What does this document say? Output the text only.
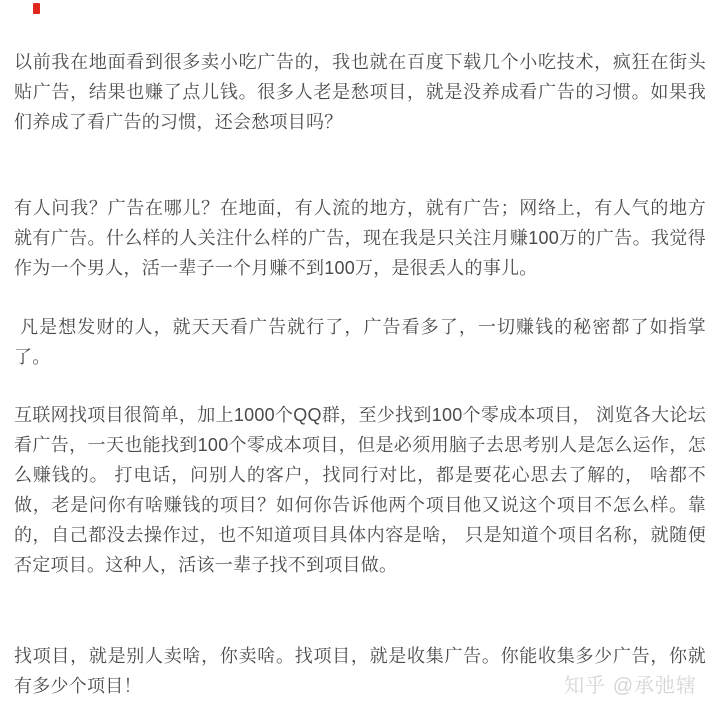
以前我在地面看到很多卖小吃广告的，我也就在百度下载几个小吃技术，疯狂在街头贴广告，结果也赚了点儿钱。很多人老是愁项目，就是没养成看广告的习惯。如果我们养成了看广告的习惯，还会愁项目吗？

有人问我？广告在哪儿？在地面，有人流的地方，就有广告；网络上，有人气的地方就有广告。什么样的人关注什么样的广告，现在我是只关注月赚100万的广告。我觉得作为一个男人，活一辈子一个月赚不到100万，是很丢人的事儿。

凡是想发财的人，就天天看广告就行了，广告看多了，一切赚钱的秘密都了如指掌了。

互联网找项目很简单，加上1000个QQ群，至少找到100个零成本项目， 浏览各大论坛看广告，一天也能找到100个零成本项目，但是必须用脑子去思考别人是怎么运作，怎么赚钱的。 打电话，问别人的客户，找同行对比，都是要花心思去了解的， 啥都不做，老是问你有啥赚钱的项目？如何你告诉他两个项目他又说这个项目不怎么样。靠的，自己都没去操作过，也不知道项目具体内容是啥， 只是知道个项目名称，就随便否定项目。这种人，活该一辈子找不到项目做。

找项目，就是别人卖啥，你卖啥。找项目，就是收集广告。你能收集多少广告，你就有多少个项目！	知乎 @承弛辖
